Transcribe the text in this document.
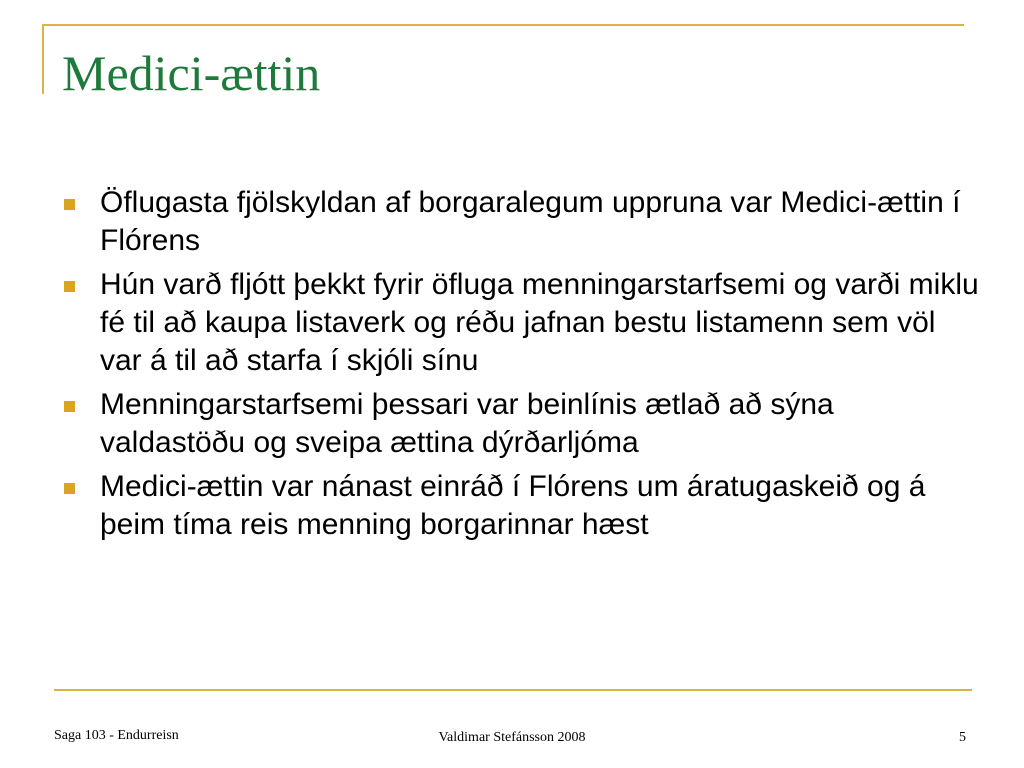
Medici-ættin
Öflugasta fjölskyldan af borgaralegum uppruna var Medici-ættin í Flórens
Hún varð fljótt þekkt fyrir öfluga menningarstarfsemi og varði miklu fé til að kaupa listaverk og réðu jafnan bestu listamenn sem völ var á til að starfa í skjóli sínu
Menningarstarfsemi þessari var beinlínis ætlað að sýna valdastöðu og sveipa ættina dýrðarljóma
Medici-ættin var nánast einráð í Flórens um áratugaskeið og á þeim tíma reis menning borgarinnar hæst
Saga 103 - Endurreisn	Valdimar Stefánsson 2008	5
